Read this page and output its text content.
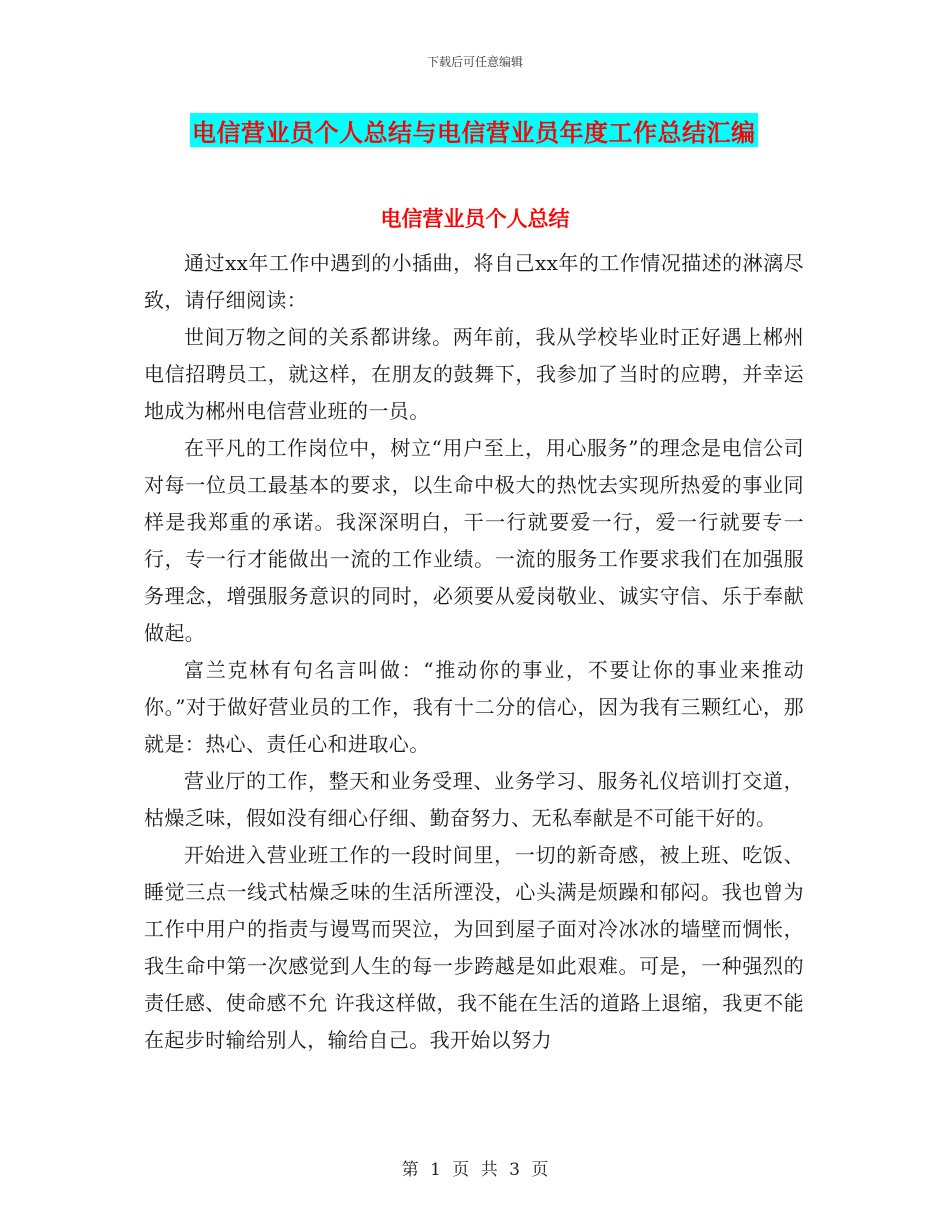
下载后可任意编辑
电信营业员个人总结与电信营业员年度工作总结汇编
电信营业员个人总结

通过xx年工作中遇到的小插曲，将自己xx年的工作情况描述的淋漓尽致，请仔细阅读：

世间万物之间的关系都讲缘。两年前，我从学校毕业时正好遇上郴州电信招聘员工，就这样，在朋友的鼓舞下，我参加了当时的应聘，并幸运地成为郴州电信营业班的一员。

在平凡的工作岗位中，树立“用户至上，用心服务”的理念是电信公司对每一位员工最基本的要求，以生命中极大的热忱去实现所热爱的事业同样是我郑重的承诺。我深深明白，干一行就要爱一行，爱一行就要专一行，专一行才能做出一流的工作业绩。一流的服务工作要求我们在加强服务理念，增强服务意识的同时，必须要从爱岗敬业、诚实守信、乐于奉献做起。

富兰克林有句名言叫做：“推动你的事业，不要让你的事业来推动你。”对于做好营业员的工作，我有十二分的信心，因为我有三颗红心，那就是：热心、责任心和进取心。

营业厅的工作，整天和业务受理、业务学习、服务礼仪培训打交道，枯燥乏味，假如没有细心仔细、勤奋努力、无私奉献是不可能干好的。

开始进入营业班工作的一段时间里，一切的新奇感，被上班、吃饭、睡觉三点一线式枯燥乏味的生活所湮没，心头满是烦躁和郁闷。我也曾为工作中用户的指责与谩骂而哭泣，为回到屋子面对冷冰冰的墙壁而惆怅，我生命中第一次感觉到人生的每一步跨越是如此艰难。可是，一种强烈的责任感、使命感不允 许我这样做，我不能在生活的道路上退缩，我更不能在起步时输给别人，输给自己。我开始以努力

第 1 页 共 3 页
